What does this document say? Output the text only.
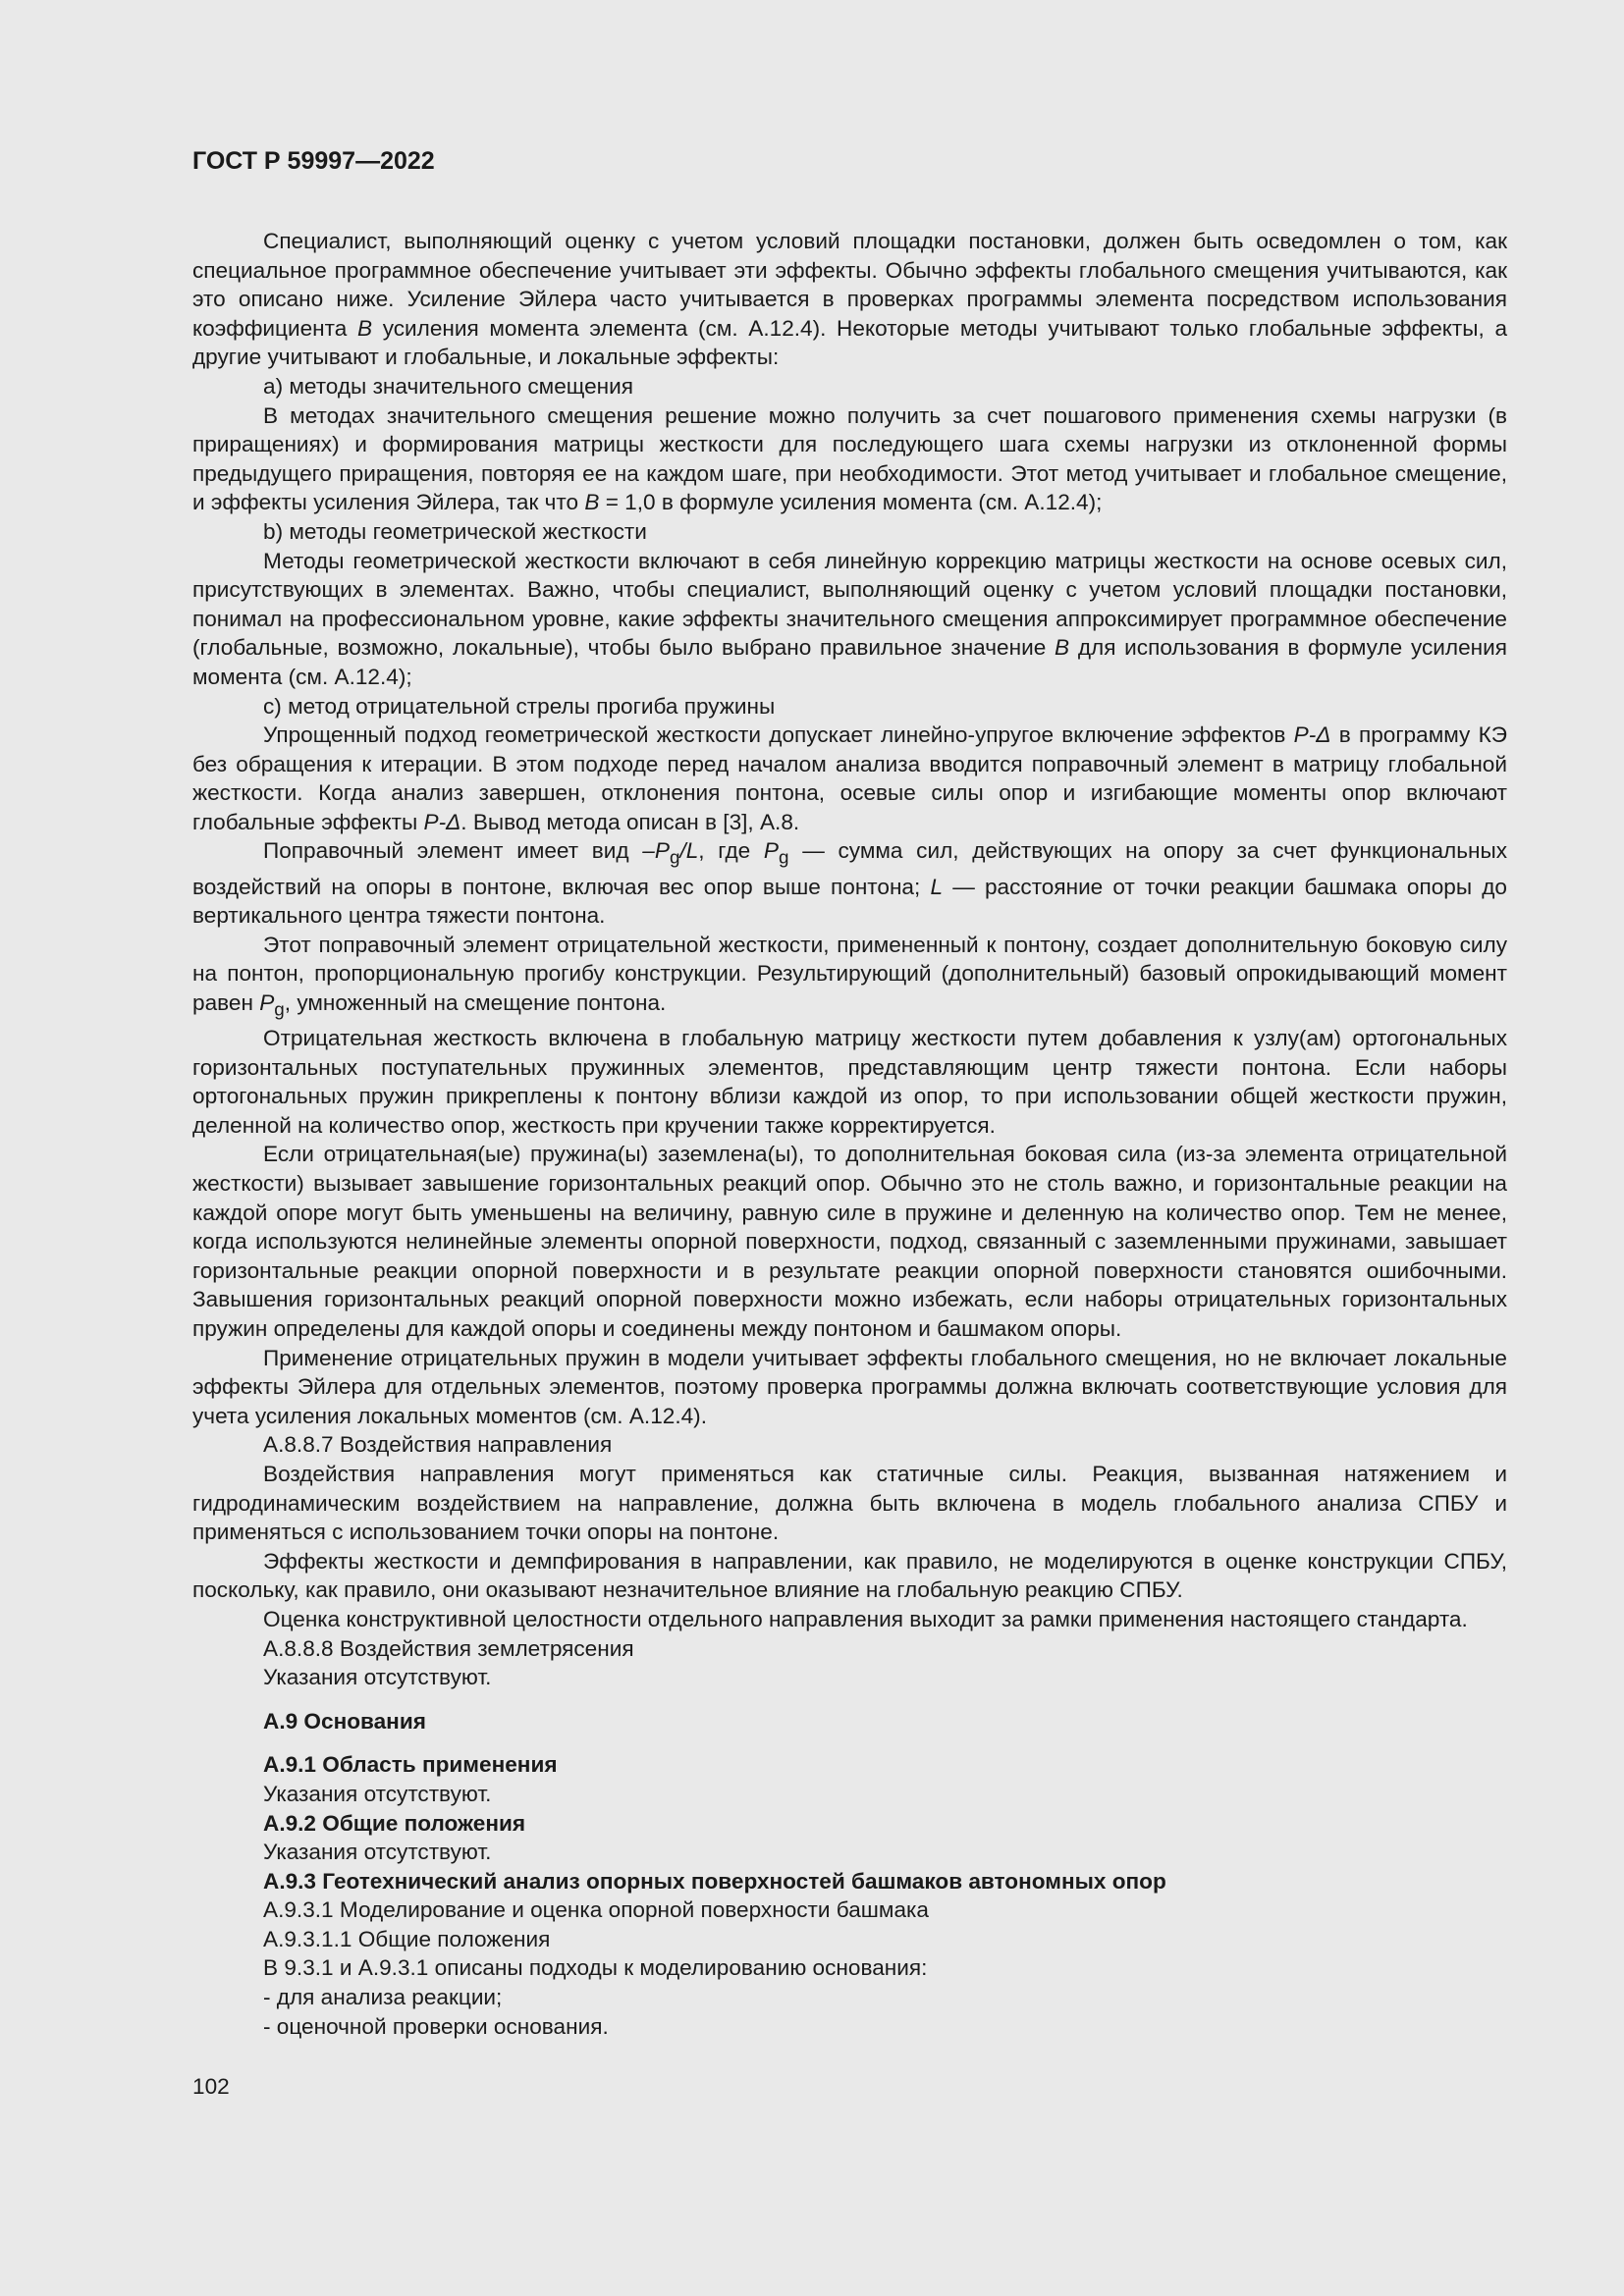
ГОСТ Р 59997—2022

Специалист, выполняющий оценку с учетом условий площадки постановки, должен быть осведомлен о том, как специальное программное обеспечение учитывает эти эффекты. Обычно эффекты глобального смещения учитываются, как это описано ниже. Усиление Эйлера часто учитывается в проверках программы элемента посредством использования коэффициента B усиления момента элемента (см. А.12.4). Некоторые методы учитывают только глобальные эффекты, а другие учитывают и глобальные, и локальные эффекты:

а) методы значительного смещения

В методах значительного смещения решение можно получить за счет пошагового применения схемы нагрузки (в приращениях) и формирования матрицы жесткости для последующего шага схемы нагрузки из отклоненной формы предыдущего приращения, повторяя ее на каждом шаге, при необходимости. Этот метод учитывает и глобальное смещение, и эффекты усиления Эйлера, так что B = 1,0 в формуле усиления момента (см. А.12.4);

b) методы геометрической жесткости

Методы геометрической жесткости включают в себя линейную коррекцию матрицы жесткости на основе осевых сил, присутствующих в элементах. Важно, чтобы специалист, выполняющий оценку с учетом условий площадки постановки, понимал на профессиональном уровне, какие эффекты значительного смещения аппроксимирует программное обеспечение (глобальные, возможно, локальные), чтобы было выбрано правильное значение B для использования в формуле усиления момента (см. А.12.4);

c) метод отрицательной стрелы прогиба пружины

Упрощенный подход геометрической жесткости допускает линейно-упругое включение эффектов P-Δ в программу КЭ без обращения к итерации. В этом подходе перед началом анализа вводится поправочный элемент в матрицу глобальной жесткости. Когда анализ завершен, отклонения понтона, осевые силы опор и изгибающие моменты опор включают глобальные эффекты P-Δ. Вывод метода описан в [3], А.8.

Поправочный элемент имеет вид $-P_g/L$, где $P_g$ — сумма сил, действующих на опору за счет функциональных воздействий на опоры в понтоне, включая вес опор выше понтона; L — расстояние от точки реакции башмака опоры до вертикального центра тяжести понтона.

Этот поправочный элемент отрицательной жесткости, примененный к понтону, создает дополнительную боковую силу на понтон, пропорциональную прогибу конструкции. Результирующий (дополнительный) базовый опрокидывающий момент равен $P_g$, умноженный на смещение понтона.

Отрицательная жесткость включена в глобальную матрицу жесткости путем добавления к узлу(ам) ортогональных горизонтальных поступательных пружинных элементов, представляющим центр тяжести понтона. Если наборы ортогональных пружин прикреплены к понтону вблизи каждой из опор, то при использовании общей жесткости пружин, деленной на количество опор, жесткость при кручении также корректируется.

Если отрицательная(ые) пружина(ы) заземлена(ы), то дополнительная боковая сила (из-за элемента отрицательной жесткости) вызывает завышение горизонтальных реакций опор. Обычно это не столь важно, и горизонтальные реакции на каждой опоре могут быть уменьшены на величину, равную силе в пружине и деленную на количество опор. Тем не менее, когда используются нелинейные элементы опорной поверхности, подход, связанный с заземленными пружинами, завышает горизонтальные реакции опорной поверхности и в результате реакции опорной поверхности становятся ошибочными. Завышения горизонтальных реакций опорной поверхности можно избежать, если наборы отрицательных горизонтальных пружин определены для каждой опоры и соединены между понтоном и башмаком опоры.

Применение отрицательных пружин в модели учитывает эффекты глобального смещения, но не включает локальные эффекты Эйлера для отдельных элементов, поэтому проверка программы должна включать соответствующие условия для учета усиления локальных моментов (см. А.12.4).

А.8.8.7 Воздействия направления

Воздействия направления могут применяться как статичные силы. Реакция, вызванная натяжением и гидродинамическим воздействием на направление, должна быть включена в модель глобального анализа СПБУ и применяться с использованием точки опоры на понтоне.

Эффекты жесткости и демпфирования в направлении, как правило, не моделируются в оценке конструкции СПБУ, поскольку, как правило, они оказывают незначительное влияние на глобальную реакцию СПБУ.

Оценка конструктивной целостности отдельного направления выходит за рамки применения настоящего стандарта.

А.8.8.8 Воздействия землетрясения
Указания отсутствуют.
А.9 Основания
А.9.1 Область применения
Указания отсутствуют.
А.9.2 Общие положения
Указания отсутствуют.
А.9.3 Геотехнический анализ опорных поверхностей башмаков автономных опор
А.9.3.1 Моделирование и оценка опорной поверхности башмака
А.9.3.1.1 Общие положения
В 9.3.1 и А.9.3.1 описаны подходы к моделированию основания:
- для анализа реакции;
- оценочной проверки основания.
102
